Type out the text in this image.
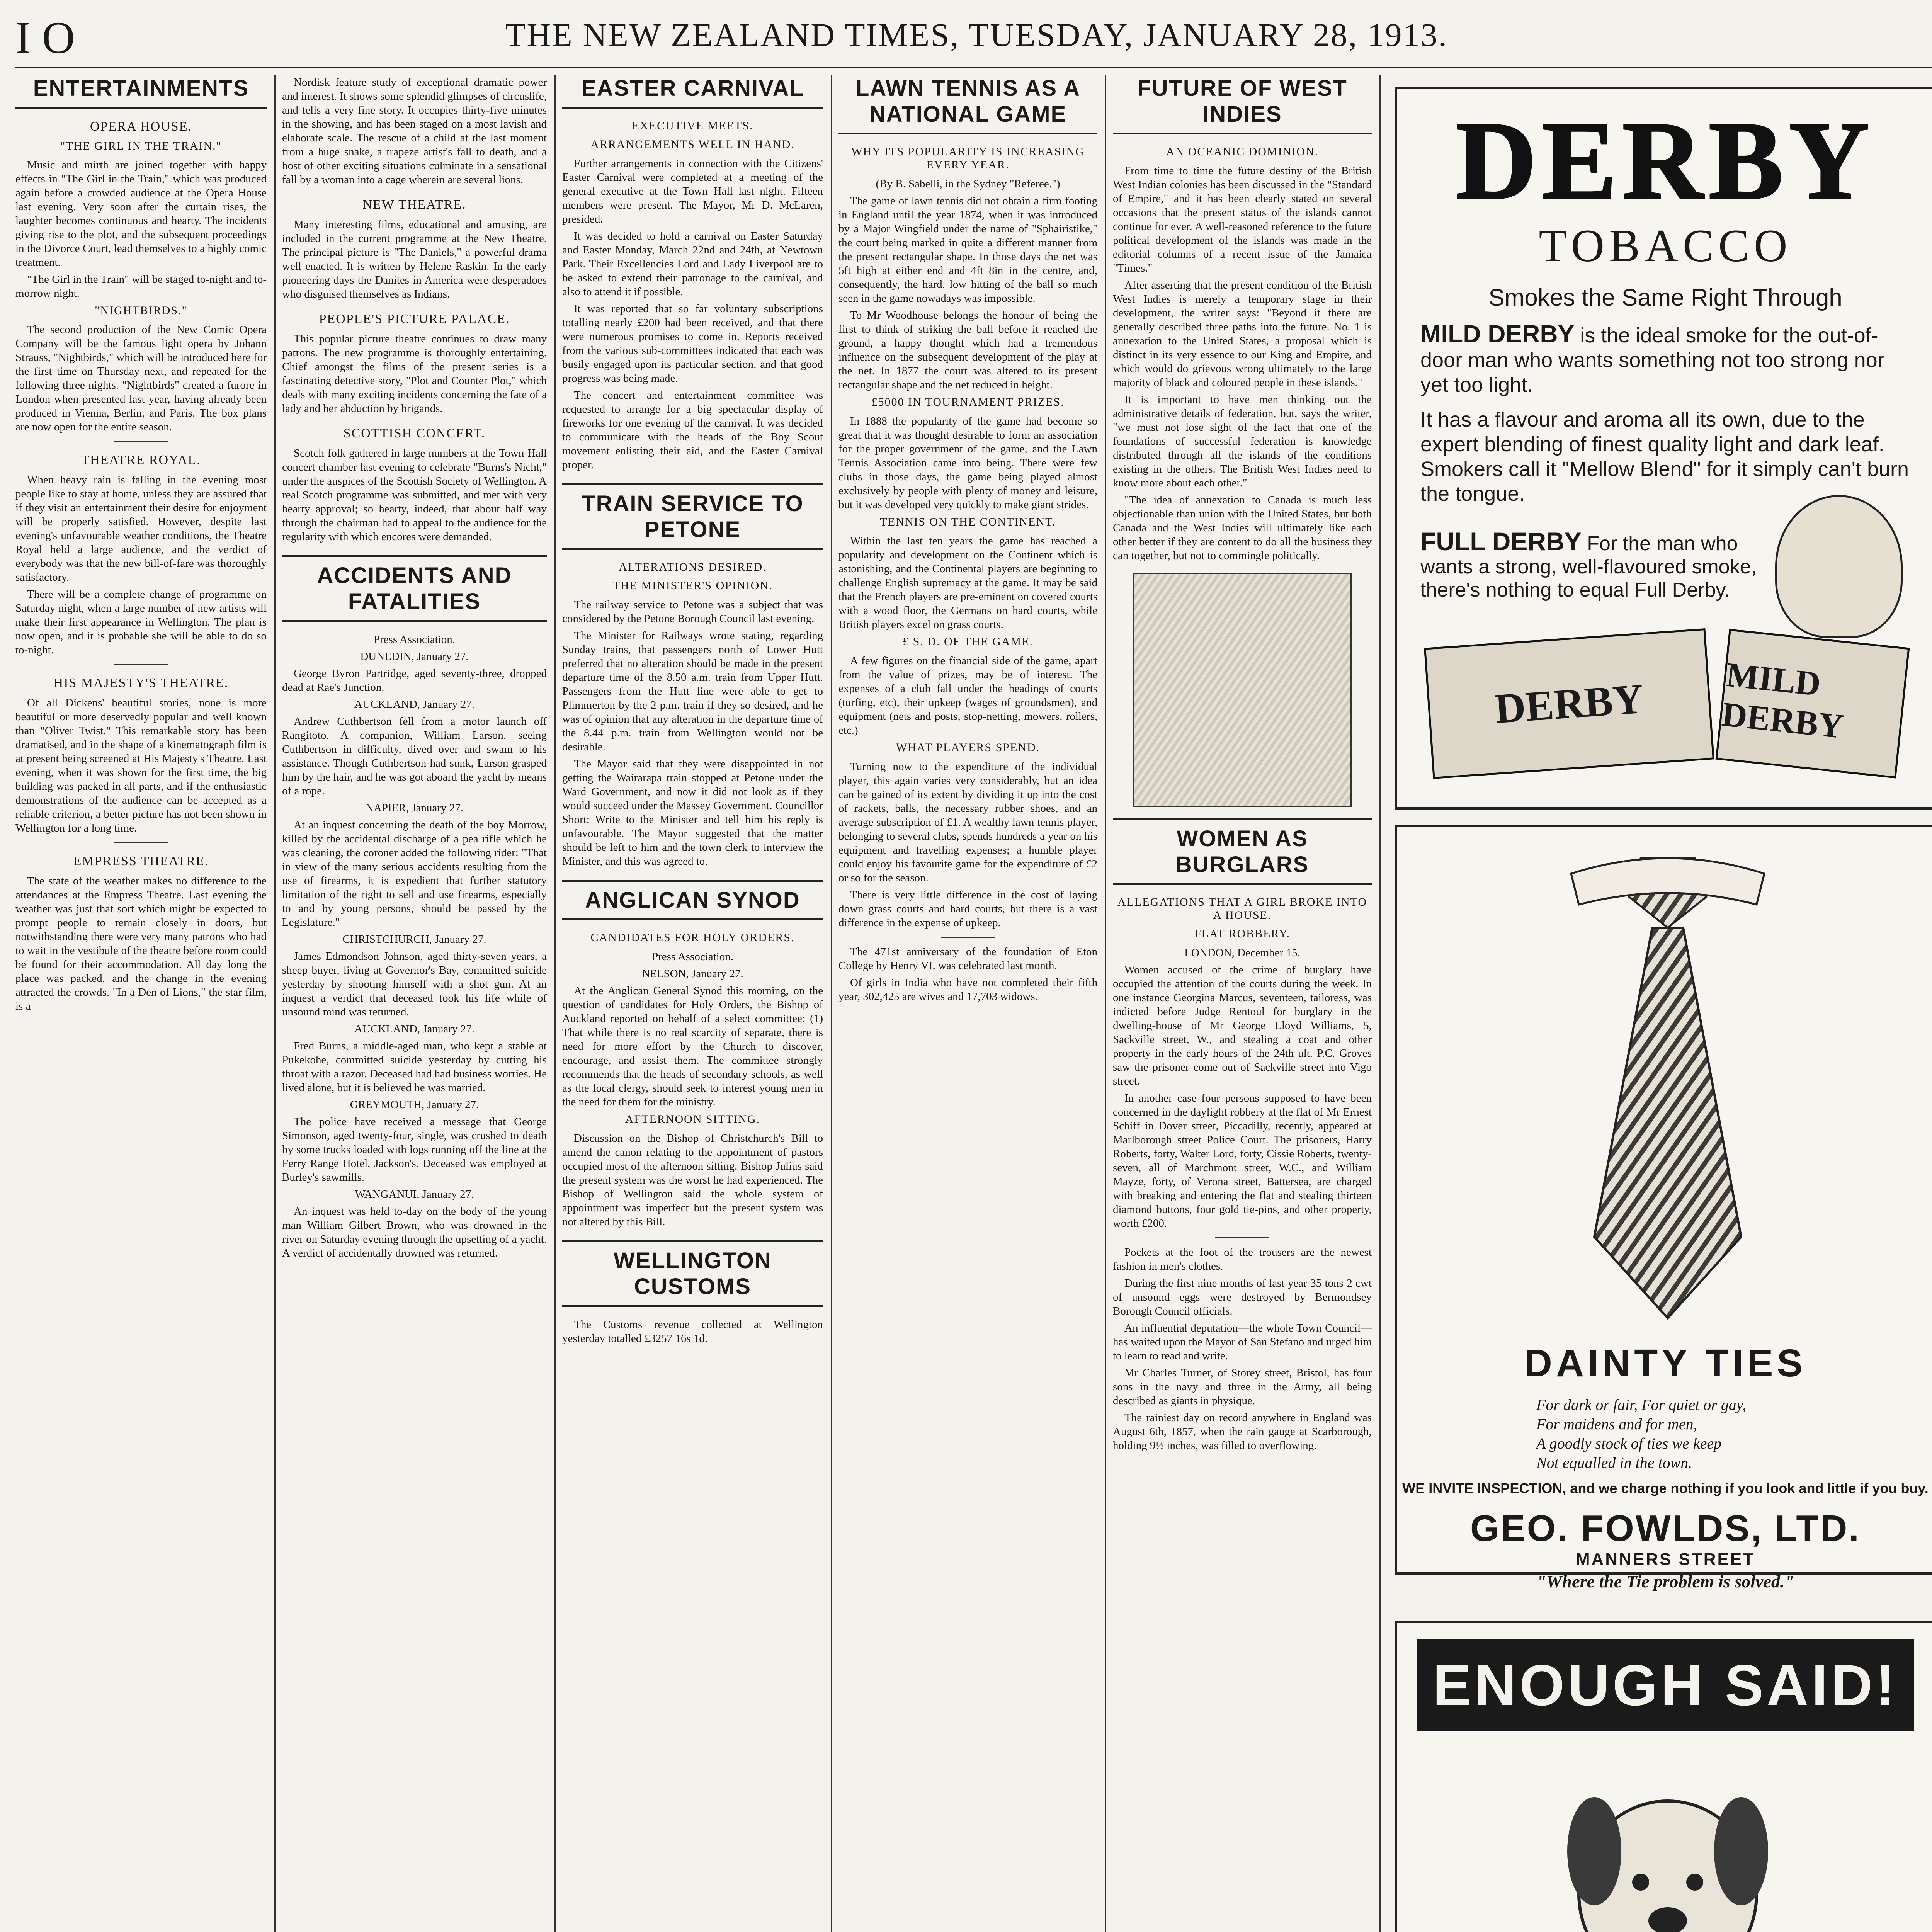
I O	THE NEW ZEALAND TIMES, TUESDAY, JANUARY 28, 1913.
ENTERTAINMENTS
OPERA HOUSE.
"THE GIRL IN THE TRAIN."

Music and mirth are joined together with happy effects in "The Girl in the Train," which was produced again before a crowded audience at the Opera House last evening. Very soon after the curtain rises, the laughter becomes continuous and hearty. The incidents giving rise to the plot, and the subsequent proceedings in the Divorce Court, lead themselves to a highly comic treatment.

"The Girl in the Train" will be staged to-night and to-morrow night.

"NIGHTBIRDS."

The second production of the New Comic Opera Company will be the famous light opera by Johann Strauss, "Nightbirds," which will be introduced here for the first time on Thursday next, and repeated for the following three nights. "Nightbirds" created a furore in London when presented last year, having already been produced in Vienna, Berlin, and Paris. The box plans are now open for the entire season.

THEATRE ROYAL.

When heavy rain is falling in the evening most people like to stay at home, unless they are assured that if they visit an entertainment their desire for enjoyment will be properly satisfied. However, despite last evening's unfavourable weather conditions, the Theatre Royal held a large audience, and the verdict of everybody was that the new bill-of-fare was thoroughly satisfactory.

There will be a complete change of programme on Saturday night, when a large number of new artists will make their first appearance in Wellington. The plan is now open, and it is probable she will be able to do so to-night.

HIS MAJESTY'S THEATRE.

Of all Dickens' beautiful stories, none is more beautiful or more deservedly popular and well known than "Oliver Twist." This remarkable story has been dramatised, and in the shape of a kinematograph film is at present being screened at His Majesty's Theatre. Last evening, when it was shown for the first time, the big building was packed in all parts, and if the enthusiastic demonstrations of the audience can be accepted as a reliable criterion, a better picture has not been shown in Wellington for a long time.

EMPRESS THEATRE.

The state of the weather makes no difference to the attendances at the Empress Theatre. Last evening the weather was just that sort which might be expected to prompt people to remain closely in doors, but notwithstanding there were very many patrons who had to wait in the vestibule of the theatre before room could be found for their accommodation. All day long the place was packed, and the change in the evening attracted the crowds. "In a Den of Lions," the star film, is a

Nordisk feature study of exceptional dramatic power and interest. It shows some splendid glimpses of circuslife, and tells a very fine story. It occupies thirty-five minutes in the showing, and has been staged on a most lavish and elaborate scale. The rescue of a child at the last moment from a huge snake, a trapeze artist's fall to death, and a host of other exciting situations culminate in a sensational fall by a woman into a cage wherein are several lions.

NEW THEATRE.

Many interesting films, educational and amusing, are included in the current programme at the New Theatre. The principal picture is "The Daniels," a powerful drama well enacted. It is written by Helene Raskin. In the early pioneering days the Danites in America were desperadoes who disguised themselves as Indians.

PEOPLE'S PICTURE PALACE.

This popular picture theatre continues to draw many patrons. The new programme is thoroughly entertaining. Chief amongst the films of the present series is a fascinating detective story, "Plot and Counter Plot," which deals with many exciting incidents concerning the fate of a lady and her abduction by brigands.

SCOTTISH CONCERT.

Scotch folk gathered in large numbers at the Town Hall concert chamber last evening to celebrate "Burns's Nicht," under the auspices of the Scottish Society of Wellington. A real Scotch programme was submitted, and met with very hearty approval; so hearty, indeed, that about half way through the chairman had to appeal to the audience for the regularity with which encores were demanded.

ACCIDENTS AND FATALITIES

Press Association.

DUNEDIN, January 27.

George Byron Partridge, aged seventy-three, dropped dead at Rae's Junction.

AUCKLAND, January 27.

Andrew Cuthbertson fell from a motor launch off Rangitoto. A companion, William Larson, seeing Cuthbertson in difficulty, dived over and swam to his assistance. Though Cuthbertson had sunk, Larson grasped him by the hair, and he was got aboard the yacht by means of a rope.

NAPIER, January 27.

At an inquest concerning the death of the boy Morrow, killed by the accidental discharge of a pea rifle which he was cleaning, the coroner added the following rider: "That in view of the many serious accidents resulting from the use of firearms, it is expedient that further statutory limitation of the right to sell and use firearms, especially to and by young persons, should be passed by the Legislature."

CHRISTCHURCH, January 27.

James Edmondson Johnson, aged thirty-seven years, a sheep buyer, living at Governor's Bay, committed suicide yesterday by shooting himself with a shot gun. At an inquest a verdict that deceased took his life while of unsound mind was returned.

AUCKLAND, January 27.

Fred Burns, a middle-aged man, who kept a stable at Pukekohe, committed suicide yesterday by cutting his throat with a razor. Deceased had had business worries. He lived alone, but it is believed he was married.

GREYMOUTH, January 27.

The police have received a message that George Simonson, aged twenty-four, single, was crushed to death by some trucks loaded with logs running off the line at the Ferry Range Hotel, Jackson's. Deceased was employed at Burley's sawmills.

WANGANUI, January 27.

An inquest was held to-day on the body of the young man William Gilbert Brown, who was drowned in the river on Saturday evening through the upsetting of a yacht. A verdict of accidentally drowned was returned.

EASTER CARNIVAL
EXECUTIVE MEETS.
ARRANGEMENTS WELL IN HAND.

Further arrangements in connection with the Citizens' Easter Carnival were completed at a meeting of the general executive at the Town Hall last night. Fifteen members were present. The Mayor, Mr D. McLaren, presided.

It was decided to hold a carnival on Easter Saturday and Easter Monday, March 22nd and 24th, at Newtown Park. Their Excellencies Lord and Lady Liverpool are to be asked to extend their patronage to the carnival, and also to attend it if possible.

It was reported that so far voluntary subscriptions totalling nearly £200 had been received, and that there were numerous promises to come in. Reports received from the various sub-committees indicated that each was busily engaged upon its particular section, and that good progress was being made.

The concert and entertainment committee was requested to arrange for a big spectacular display of fireworks for one evening of the carnival. It was decided to communicate with the heads of the Boy Scout movement enlisting their aid, and the Easter Carnival proper.

TRAIN SERVICE TO PETONE
ALTERATIONS DESIRED.
THE MINISTER'S OPINION.

The railway service to Petone was a subject that was considered by the Petone Borough Council last evening.

The Minister for Railways wrote stating, regarding Sunday trains, that passengers north of Lower Hutt preferred that no alteration should be made in the present departure time of the 8.50 a.m. train from Upper Hutt. Passengers from the Hutt line were able to get to Plimmerton by the 2 p.m. train if they so desired, and he was of opinion that any alteration in the departure time of the 8.44 p.m. train from Wellington would not be desirable.

The Mayor said that they were disappointed in not getting the Wairarapa train stopped at Petone under the Ward Government, and now it did not look as if they would succeed under the Massey Government. Councillor Short: Write to the Minister and tell him his reply is unfavourable. The Mayor suggested that the matter should be left to him and the town clerk to interview the Minister, and this was agreed to.

ANGLICAN SYNOD
CANDIDATES FOR HOLY ORDERS.

Press Association.

NELSON, January 27.

At the Anglican General Synod this morning, on the question of candidates for Holy Orders, the Bishop of Auckland reported on behalf of a select committee: (1) That while there is no real scarcity of separate, there is need for more effort by the Church to discover, encourage, and assist them. The committee strongly recommends that the heads of secondary schools, as well as the local clergy, should seek to interest young men in the need for them for the ministry.

AFTERNOON SITTING.

Discussion on the Bishop of Christchurch's Bill to amend the canon relating to the appointment of pastors occupied most of the afternoon sitting. Bishop Julius said the present system was the worst he had experienced. The Bishop of Wellington said the whole system of appointment was imperfect but the present system was not altered by this Bill.

WELLINGTON CUSTOMS

The Customs revenue collected at Wellington yesterday totalled £3257 16s 1d.

LAWN TENNIS AS A NATIONAL GAME
WHY ITS POPULARITY IS INCREASING EVERY YEAR.

(By B. Sabelli, in the Sydney "Referee.")

The game of lawn tennis did not obtain a firm footing in England until the year 1874, when it was introduced by a Major Wingfield under the name of "Sphairistike," the court being marked in quite a different manner from the present rectangular shape. In those days the net was 5ft high at either end and 4ft 8in in the centre, and, consequently, the hard, low hitting of the ball so much seen in the game nowadays was impossible.

To Mr Woodhouse belongs the honour of being the first to think of striking the ball before it reached the ground, a happy thought which had a tremendous influence on the subsequent development of the play at the net. In 1877 the court was altered to its present rectangular shape and the net reduced in height.

£5000 IN TOURNAMENT PRIZES.

In 1888 the popularity of the game had become so great that it was thought desirable to form an association for the proper government of the game, and the Lawn Tennis Association came into being. There were few clubs in those days, the game being played almost exclusively by people with plenty of money and leisure, but it was developed very quickly to make giant strides.

TENNIS ON THE CONTINENT.

Within the last ten years the game has reached a popularity and development on the Continent which is astonishing, and the Continental players are beginning to challenge English supremacy at the game. It may be said that the French players are pre-eminent on covered courts with a wood floor, the Germans on hard courts, while British players excel on grass courts.

£ S. D. OF THE GAME.

A few figures on the financial side of the game, apart from the value of prizes, may be of interest. The expenses of a club fall under the headings of courts (turfing, etc), their upkeep (wages of groundsmen), and equipment (nets and posts, stop-netting, mowers, rollers, etc.)

WHAT PLAYERS SPEND.

Turning now to the expenditure of the individual player, this again varies very considerably, but an idea can be gained of its extent by dividing it up into the cost of rackets, balls, the necessary rubber shoes, and an average subscription of £1. A wealthy lawn tennis player, belonging to several clubs, spends hundreds a year on his equipment and travelling expenses; a humble player could enjoy his favourite game for the expenditure of £2 or so for the season.

There is very little difference in the cost of laying down grass courts and hard courts, but there is a vast difference in the expense of upkeep.

The 471st anniversary of the foundation of Eton College by Henry VI. was celebrated last month.

Of girls in India who have not completed their fifth year, 302,425 are wives and 17,703 widows.

FUTURE OF WEST INDIES
AN OCEANIC DOMINION.

From time to time the future destiny of the British West Indian colonies has been discussed in the "Standard of Empire," and it has been clearly stated on several occasions that the present status of the islands cannot continue for ever. A well-reasoned reference to the future political development of the islands was made in the editorial columns of a recent issue of the Jamaica "Times."

After asserting that the present condition of the British West Indies is merely a temporary stage in their development, the writer says: "Beyond it there are generally described three paths into the future. No. 1 is annexation to the United States, a proposal which is distinct in its very essence to our King and Empire, and which would do grievous wrong ultimately to the large majority of black and coloured people in these islands."

It is important to have men thinking out the administrative details of federation, but, says the writer, "we must not lose sight of the fact that one of the foundations of successful federation is knowledge distributed through all the islands of the conditions existing in the others. The British West Indies need to know more about each other."

"The idea of annexation to Canada is much less objectionable than union with the United States, but both Canada and the West Indies will ultimately like each other better if they are content to do all the business they can together, but not to commingle politically.

WOMEN AS BURGLARS
ALLEGATIONS THAT A GIRL BROKE INTO A HOUSE.
FLAT ROBBERY.

LONDON, December 15.

Women accused of the crime of burglary have occupied the attention of the courts during the week. In one instance Georgina Marcus, seventeen, tailoress, was indicted before Judge Rentoul for burglary in the dwelling-house of Mr George Lloyd Williams, 5, Sackville street, W., and stealing a coat and other property in the early hours of the 24th ult. P.C. Groves saw the prisoner come out of Sackville street into Vigo street.

In another case four persons supposed to have been concerned in the daylight robbery at the flat of Mr Ernest Schiff in Dover street, Piccadilly, recently, appeared at Marlborough street Police Court. The prisoners, Harry Roberts, forty, Walter Lord, forty, Cissie Roberts, twenty-seven, all of Marchmont street, W.C., and William Mayze, forty, of Verona street, Battersea, are charged with breaking and entering the flat and stealing thirteen diamond buttons, four gold tie-pins, and other property, worth £200.

Pockets at the foot of the trousers are the newest fashion in men's clothes.

During the first nine months of last year 35 tons 2 cwt of unsound eggs were destroyed by Bermondsey Borough Council officials.

An influential deputation—the whole Town Council—has waited upon the Mayor of San Stefano and urged him to learn to read and write.

Mr Charles Turner, of Storey street, Bristol, has four sons in the navy and three in the Army, all being described as giants in physique.

The rainiest day on record anywhere in England was August 6th, 1857, when the rain gauge at Scarborough, holding 9½ inches, was filled to overflowing.

DERBY
TOBACCO
Smokes the Same Right Through
MILD DERBY is the ideal smoke for the out-of-door man who wants something not too strong nor yet too light.
It has a flavour and aroma all its own, due to the expert blending of finest quality light and dark leaf. Smokers call it "Mellow Blend" for it simply can't burn the tongue.
FULL DERBY For the man who wants a strong, well-flavoured smoke, there's nothing to equal Full Derby.
DERBY	MILD DERBY
DAINTY TIES
For dark or fair, For quiet or gay,
For maidens and for men,
A goodly stock of ties we keep
Not equalled in the town.
WE INVITE INSPECTION, and we charge nothing if you look and little if you buy.
GEO. FOWLDS, LTD.
MANNERS STREET
"Where the Tie problem is solved."
ENOUGH SAID!
